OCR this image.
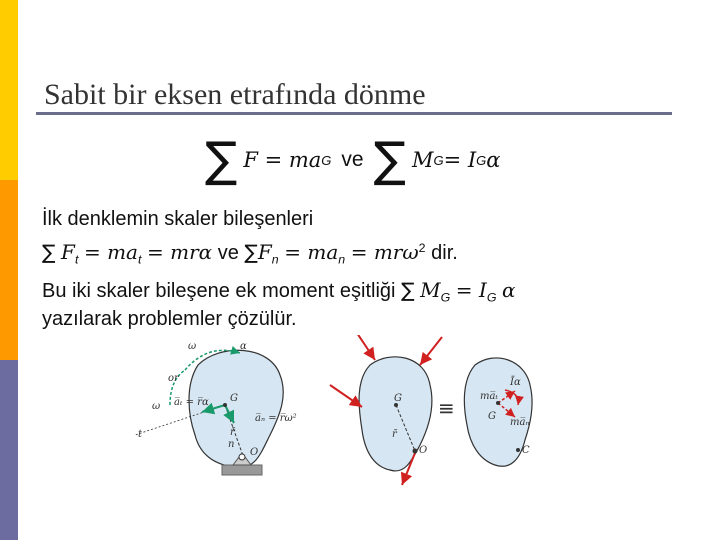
Sabit bir eksen etrafında dönme
∑ F = ma G ve ∑ M G = I G α
İlk denklemin skaler bileşenleri
∑ $F_t = ma_t = mr\alpha$ ve $\sum F_n = ma_n = mr\omega^2$ dir.
Bu iki skaler bileşene ek moment eşitliği ∑ $M_G = I_G$ α
yazılarak problemler çözülür.
ω	α
or
ω a̅ₜ = r̅α
a̅ₙ = r̅ω²
G
r̄
n
O
t
G
r̄
O
≡
Īα
ma̅ₜ
ma̅ₙ
G
C
